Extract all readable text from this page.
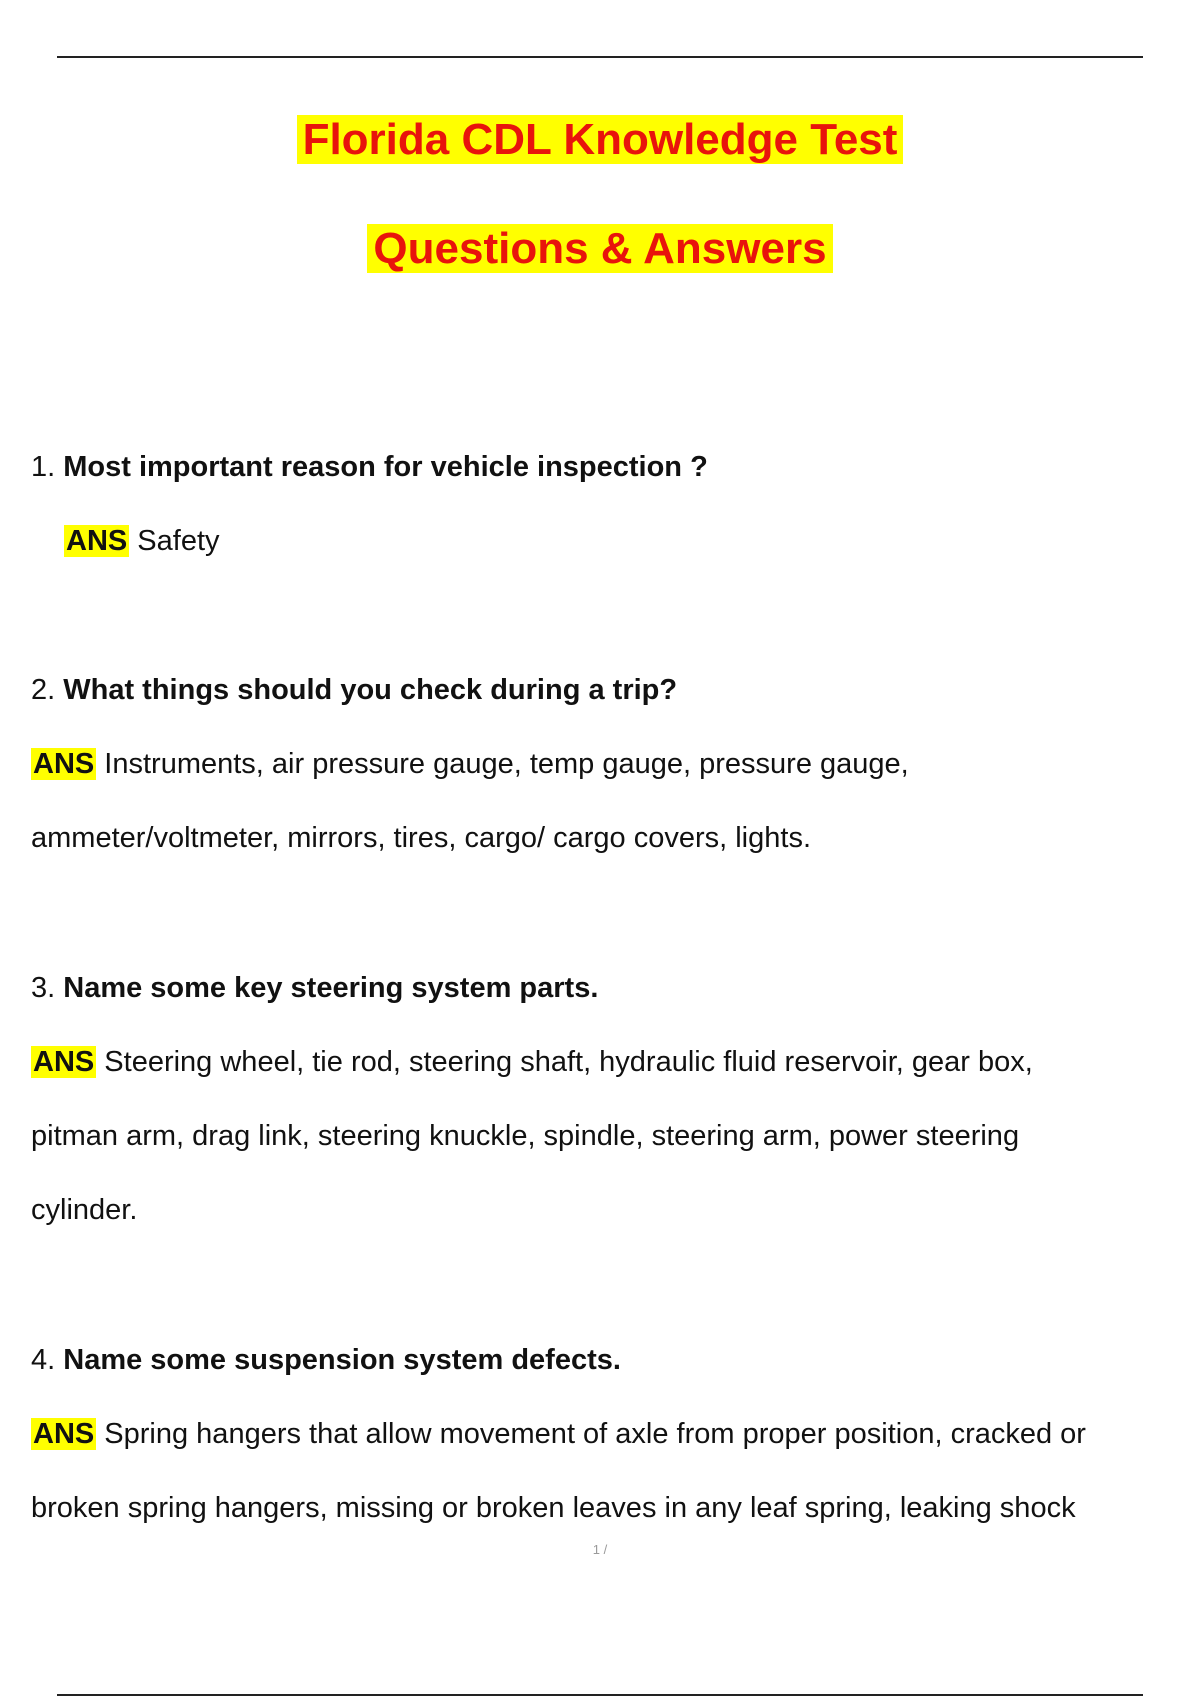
Florida CDL Knowledge Test
Questions & Answers
1. Most important reason for vehicle inspection ?
ANS Safety
2. What things should you check during a trip?
ANS Instruments, air pressure gauge, temp gauge, pressure gauge,
ammeter/voltmeter, mirrors, tires, cargo/ cargo covers, lights.
3. Name some key steering system parts.
ANS Steering wheel, tie rod, steering shaft, hydraulic fluid reservoir, gear box,
pitman arm, drag link, steering knuckle, spindle, steering arm, power steering
cylinder.
4. Name some suspension system defects.
ANS Spring hangers that allow movement of axle from proper position, cracked or
broken spring hangers, missing or broken leaves in any leaf spring, leaking shock
1 /
